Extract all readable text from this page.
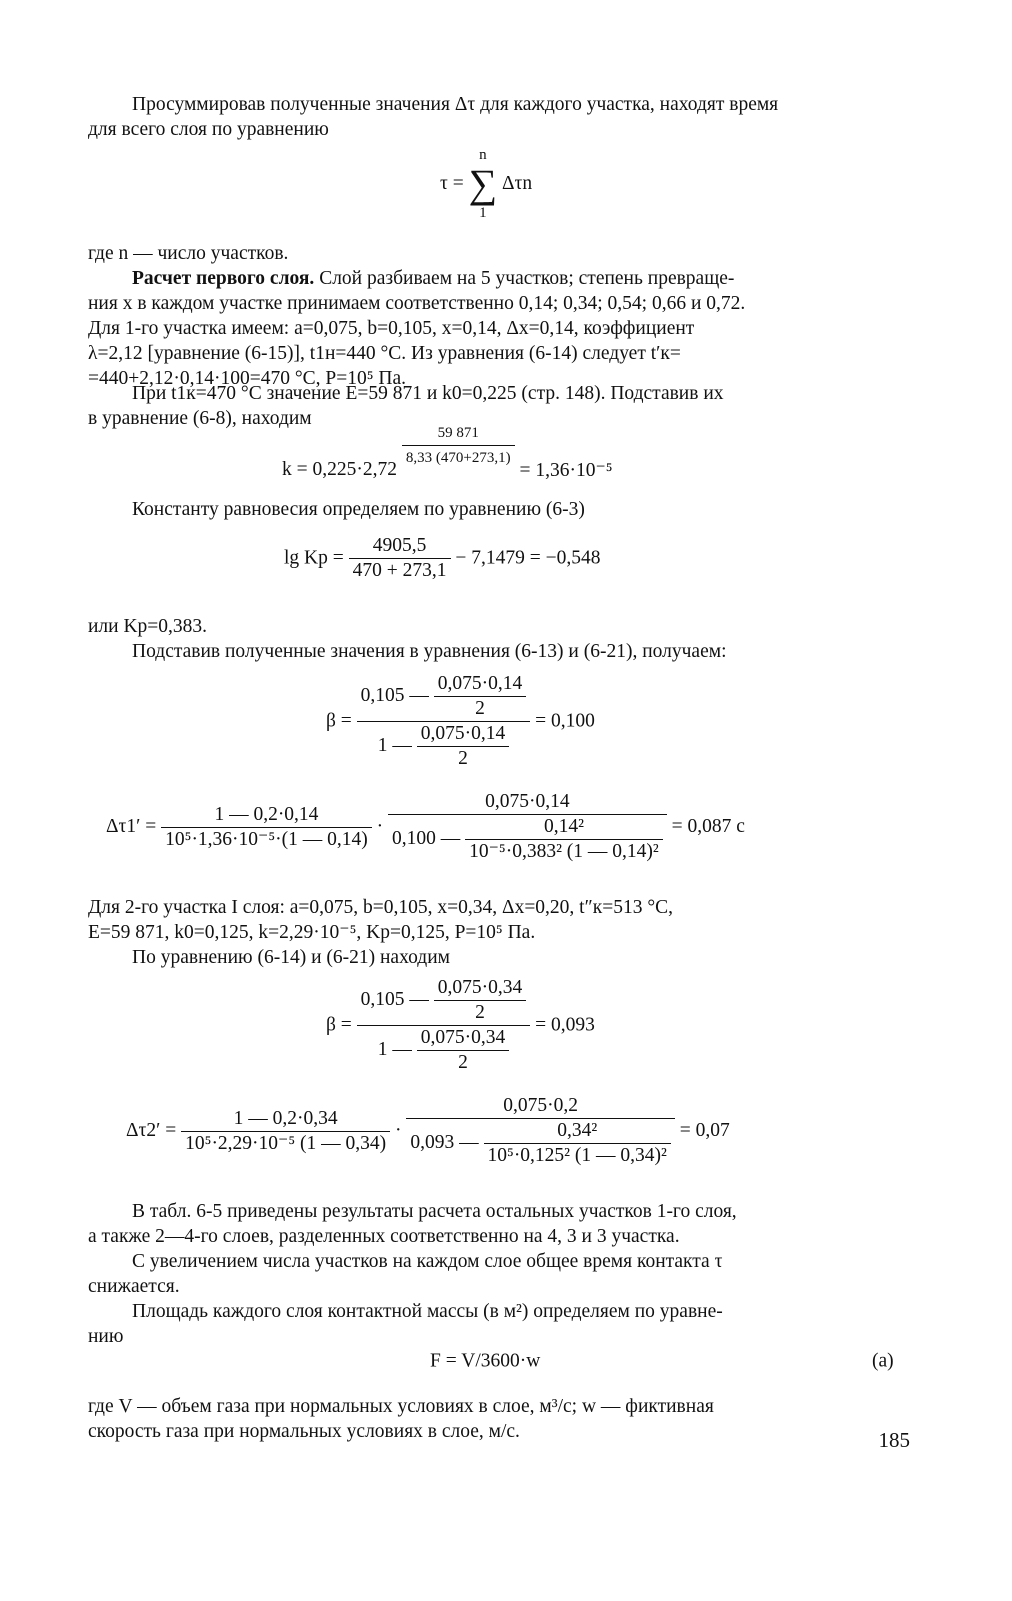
Просуммировав полученные значения Δτ для каждого участка, находят время
для всего слоя по уравнению

τ =
n
∑
1
Δτn

где n — число участков.

Расчет первого слоя. Слой разбиваем на 5 участков; степень превраще-
ния x в каждом участке принимаем соответственно 0,14; 0,34; 0,54; 0,66 и 0,72.
Для 1-го участка имеем: a=0,075, b=0,105, x=0,14, Δx=0,14, коэффициент
λ=2,12 [уравнение (6-15)], t1н=440 °C. Из уравнения (6-14) следует t′к=
=440+2,12·0,14·100=470 °C, P=10⁵ Па.

При t1к=470 °C значение E=59 871 и k0=0,225 (стр. 148). Подставив их
в уравнение (6-8), находим

$k = 0,225\cdot 2,72 \frac{59 871}{8,33 (470+273,1)} = 1,36\cdot 10^{-5}$

Константу равновесия определяем по уравнению (6-3)

lg Kр = $\frac{4905,5}{470 + 273,1} - 7,1479 = -0,548$

или Kр=0,383.
Подставив полученные значения в уравнения (6-13) и (6-21), получаем:

$\beta = \frac{0,105 — \frac{0,075\cdot 0,14}{2}}{1 — \frac{0,075\cdot 0,14}{2}} = 0,100$
$\Delta\tau 1' = \frac{1 — 0,2\cdot 0,14}{\text{10⁵·1,36·10⁻⁵·(1 — 0,14)}} \cdot \frac{0,075\cdot 0,14}{0,100 — \frac{\text{0,14²}}{\text{10⁻⁵·0,383² (1 — 0,14)²}}} = 0,087$ с

Для 2-го участка I слоя: a=0,075, b=0,105, x=0,34, Δx=0,20, t″к=513 °C,
E=59 871, k0=0,125, k=2,29·10⁻⁵, Kр=0,125, P=10⁵ Па.
По уравнению (6-14) и (6-21) находим

$\beta = \frac{0,105 — \frac{0,075\cdot 0,34}{2}}{1 — \frac{0,075\cdot 0,34}{2}} = 0,093$
$\Delta\tau 2' = \frac{1 — 0,2\cdot 0,34}{\text{10⁵·2,29·10⁻⁵ (1 — 0,34)}} \cdot \frac{0,075\cdot 0,2}{0,093 — \frac{\text{0,34²}}{\text{10⁵·0,125² (1 — 0,34)²}}} = 0,07$

В табл. 6-5 приведены результаты расчета остальных участков 1-го слоя,
а также 2—4-го слоев, разделенных соответственно на 4, 3 и 3 участка.
С увеличением числа участков на каждом слое общее время контакта τ
снижается.
Площадь каждого слоя контактной массы (в м²) определяем по уравне-
нию

F = V/3600·w	(а)

где V — объем газа при нормальных условиях в слое, м³/с; w — фиктивная
скорость газа при нормальных условиях в слое, м/с.	185
